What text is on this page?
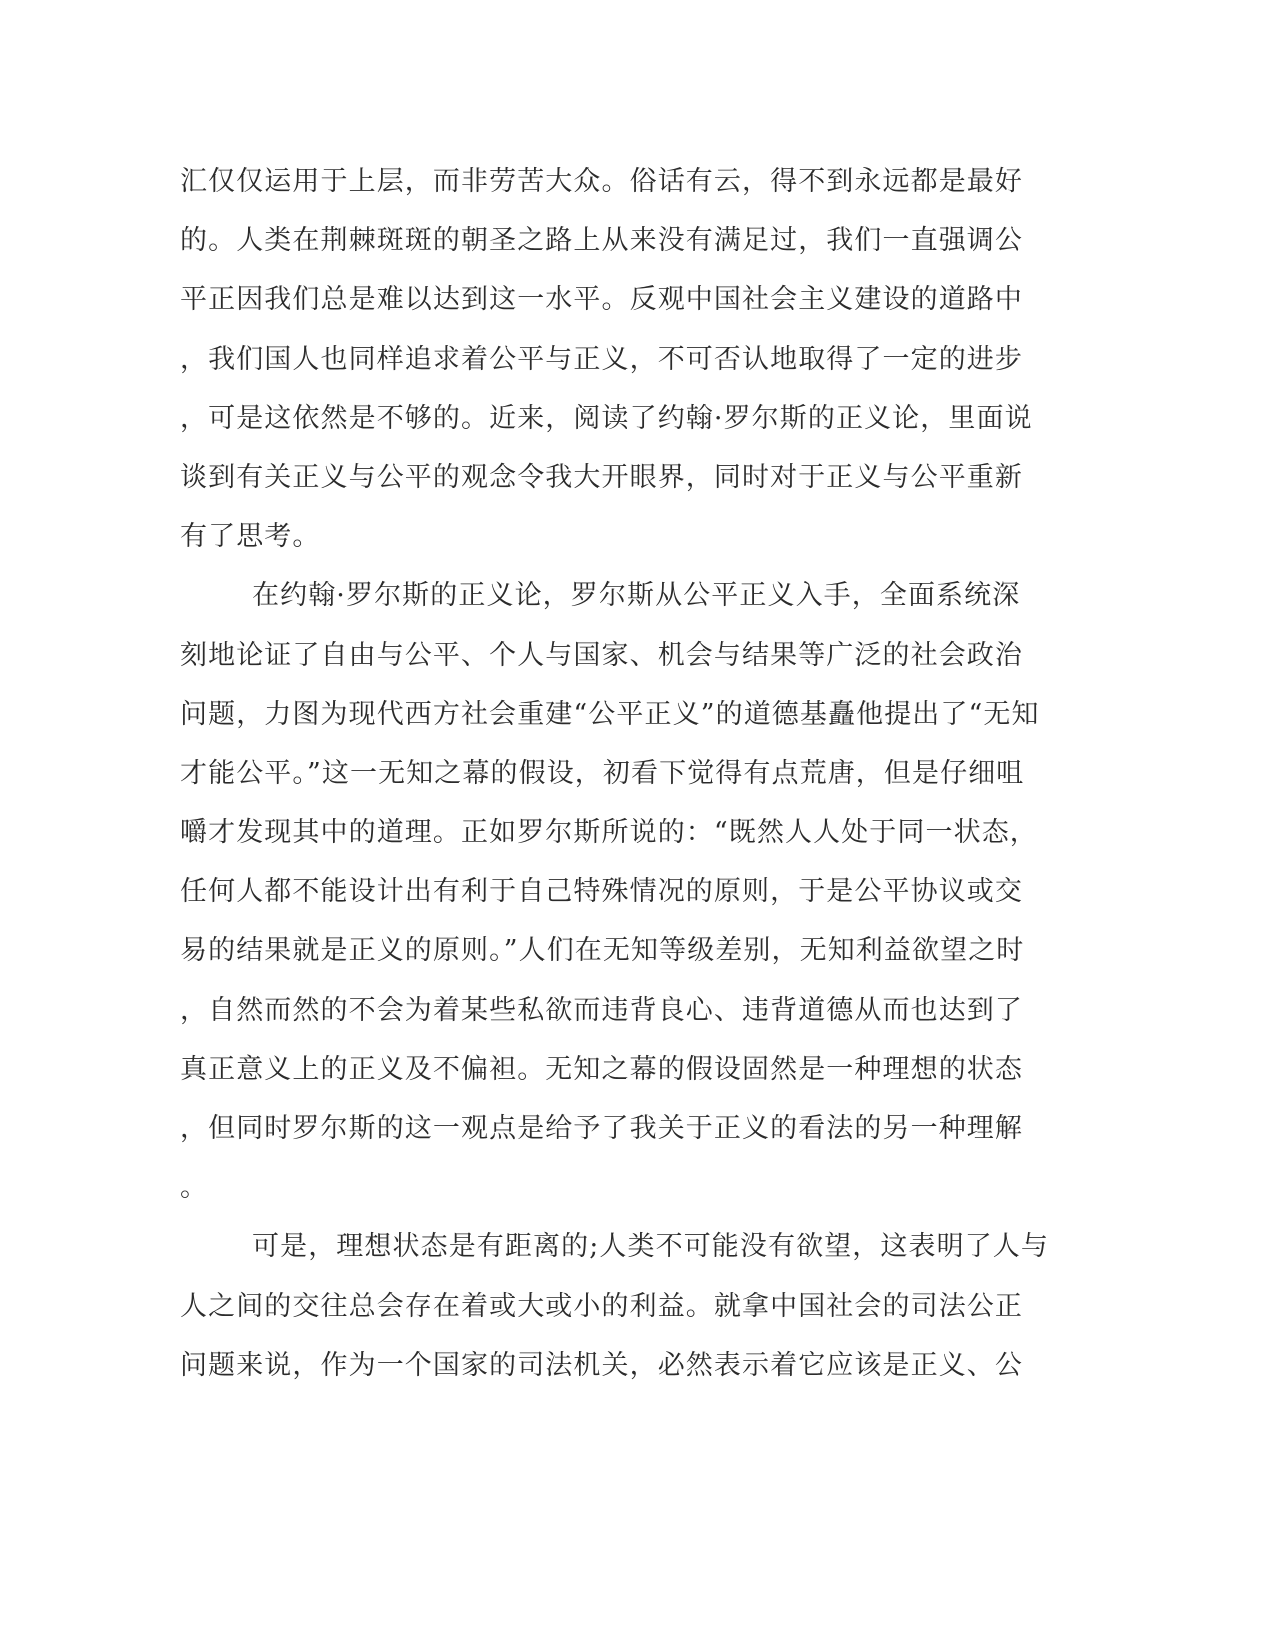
汇仅仅运用于上层，而非劳苦大众。俗话有云，得不到永远都是最好
的。人类在荆棘斑斑的朝圣之路上从来没有满足过，我们一直强调公
平正因我们总是难以达到这一水平。反观中国社会主义建设的道路中
，我们国人也同样追求着公平与正义，不可否认地取得了一定的进步
，可是这依然是不够的。近来，阅读了约翰·罗尔斯的正义论，里面说
谈到有关正义与公平的观念令我大开眼界，同时对于正义与公平重新
有了思考。
在约翰·罗尔斯的正义论，罗尔斯从公平正义入手，全面系统深
刻地论证了自由与公平、个人与国家、机会与结果等广泛的社会政治
问题，力图为现代西方社会重建“公平正义”的道德基矗他提出了“无知
才能公平。”这一无知之幕的假设，初看下觉得有点荒唐，但是仔细咀
嚼才发现其中的道理。正如罗尔斯所说的：“既然人人处于同一状态，
任何人都不能设计出有利于自己特殊情况的原则，于是公平协议或交
易的结果就是正义的原则。”人们在无知等级差别，无知利益欲望之时
，自然而然的不会为着某些私欲而违背良心、违背道德从而也达到了
真正意义上的正义及不偏袒。无知之幕的假设固然是一种理想的状态
，但同时罗尔斯的这一观点是给予了我关于正义的看法的另一种理解
。
可是，理想状态是有距离的;人类不可能没有欲望，这表明了人与
人之间的交往总会存在着或大或小的利益。就拿中国社会的司法公正
问题来说，作为一个国家的司法机关，必然表示着它应该是正义、公
